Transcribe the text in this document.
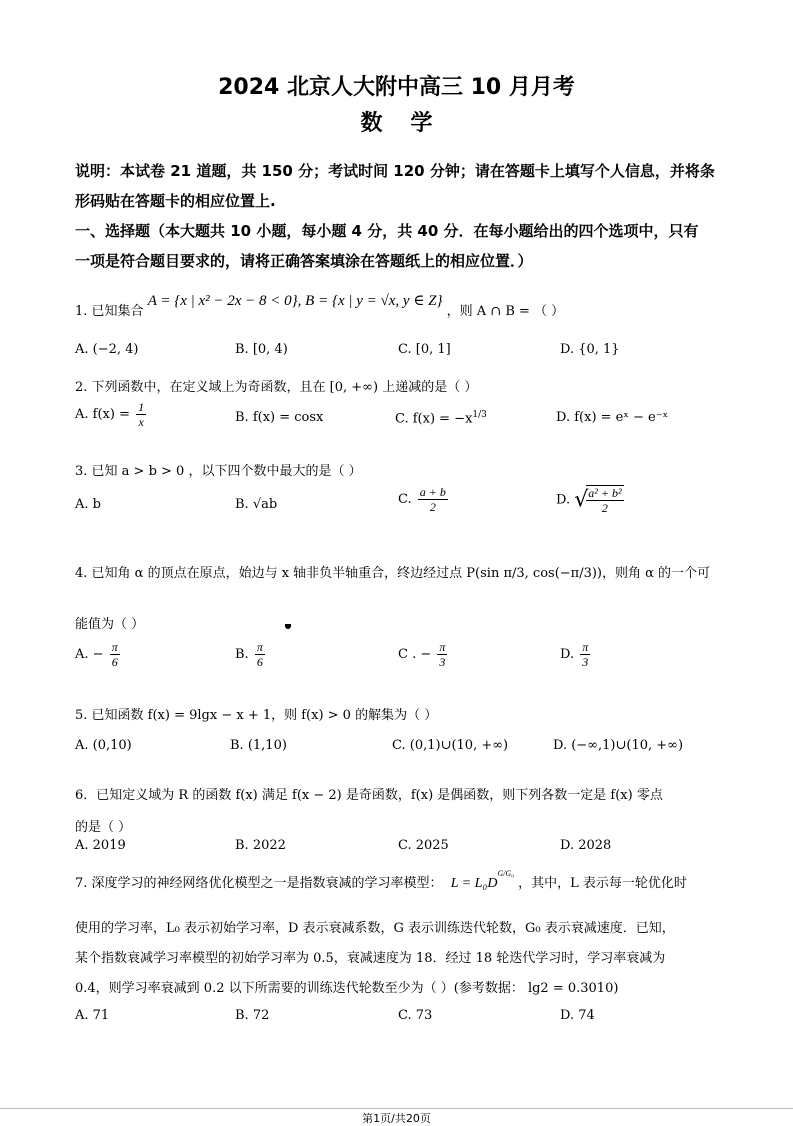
2024 北京人大附中高三 10 月月考
数学
说明：本试卷 21 道题，共 150 分；考试时间 120 分钟；请在答题卡上填写个人信息，并将条
形码贴在答题卡的相应位置上.
一、选择题（本大题共 10 小题，每小题 4 分，共 40 分．在每小题给出的四个选项中，只有
一项是符合题目要求的，请将正确答案填涂在答题纸上的相应位置．）
1. 已知集合 A = {x | x² − 2x − 8 < 0}, B = {x | y = √x, y ∈ Z} ，则 A ∩ B = （ ）
A. (−2, 4)	B. [0, 4)	C. [0, 1]	D. {0, 1}
2. 下列函数中，在定义域上为奇函数，且在 [0, +∞) 上递减的是（ ）
A. $f(x) = \frac{1}{x}$	B. f(x) = cosx	C. $f(x) = -x^{1/3}$	D. f(x) = eˣ − e⁻ˣ
3. 已知 a > b > 0 ，以下四个数中最大的是（ ）
A. b	B. √ab	C. $\frac{a + b}{2}$	D. √
$\frac{\text{a² + b²}}{2}$
4. 已知角 α 的顶点在原点，始边与 x 轴非负半轴重合，终边经过点 P(sin π/3, cos(−π/3))，则角 α 的一个可
能值为（ ）
A. − $\frac{\pi}{6}$	B. $\frac{\pi}{6}$	C . − $\frac{\pi}{3}$	D. $\frac{\pi}{3}$
5. 已知函数 f(x) = 9lgx − x + 1，则 f(x) > 0 的解集为（ ）
A. (0,10)	B. (1,10)	C. (0,1)∪(10, +∞)	D. (−∞,1)∪(10, +∞)
6．已知定义域为 R 的函数 f(x) 满足 f(x − 2) 是奇函数，f(x) 是偶函数，则下列各数一定是 f(x) 零点
的是（ ）
A. 2019	B. 2022	C. 2025	D. 2028
7. 深度学习的神经网络优化模型之一是指数衰减的学习率模型： $L = L_0D^{G/G_0}$ ，其中，L 表示每一轮优化时
使用的学习率，L₀ 表示初始学习率，D 表示衰减系数，G 表示训练迭代轮数，G₀ 表示衰减速度．已知，
某个指数衰减学习率模型的初始学习率为 0.5，衰减速度为 18．经过 18 轮迭代学习时，学习率衰减为
0.4，则学习率衰减到 0.2 以下所需要的训练迭代轮数至少为（ ）(参考数据： lg2 = 0.3010)
A. 71	B. 72	C. 73	D. 74
第1页/共20页
